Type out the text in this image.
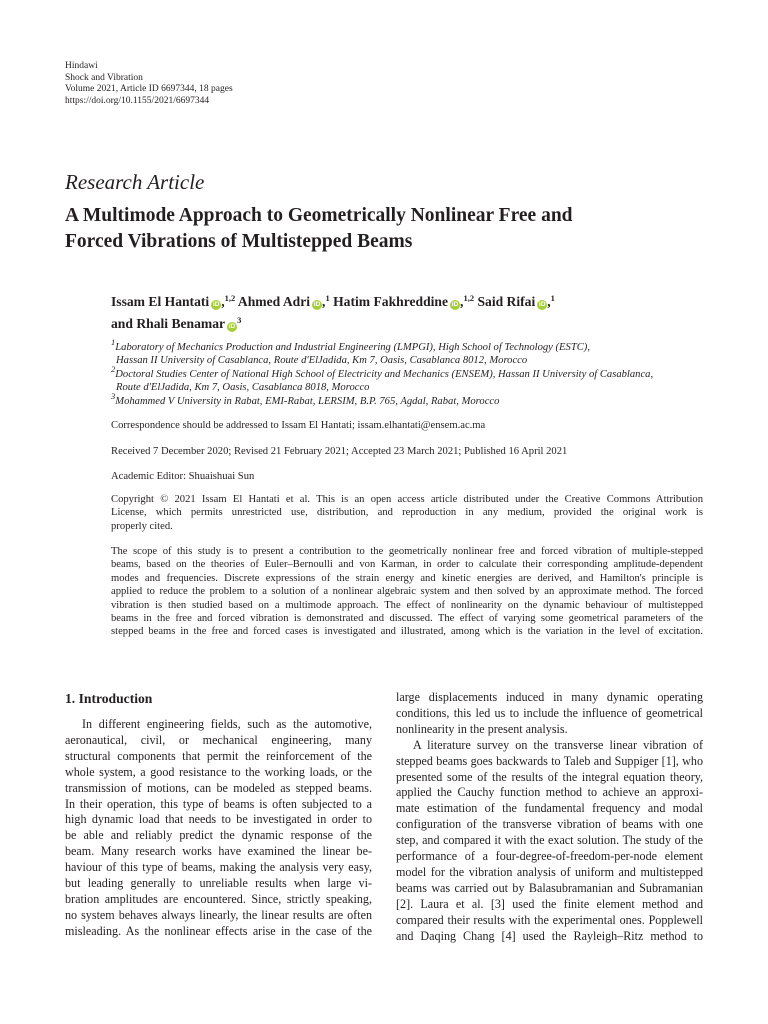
Hindawi
Shock and Vibration
Volume 2021, Article ID 6697344, 18 pages
https://doi.org/10.1155/2021/6697344
Research Article
A Multimode Approach to Geometrically Nonlinear Free and
Forced Vibrations of Multistepped Beams
Issam El Hantati iD ,$^{1,2}$ Ahmed Adri iD ,$^1$ Hatim Fakhreddine iD ,$^{1,2}$ Said Rifai iD ,$^1$
and Rhali Benamar $iD^3$
$^1$Laboratory of Mechanics Production and Industrial Engineering (LMPGI), High School of Technology (ESTC),
Hassan II University of Casablanca, Route d'ElJadida, Km 7, Oasis, Casablanca 8012, Morocco
$^2$Doctoral Studies Center of National High School of Electricity and Mechanics (ENSEM), Hassan II University of Casablanca,
Route d'ElJadida, Km 7, Oasis, Casablanca 8018, Morocco
$^3$Mohammed V University in Rabat, EMI-Rabat, LERSIM, B.P. 765, Agdal, Rabat, Morocco
Correspondence should be addressed to Issam El Hantati; issam.elhantati@ensem.ac.ma
Received 7 December 2020; Revised 21 February 2021; Accepted 23 March 2021; Published 16 April 2021
Academic Editor: Shuaishuai Sun
Copyright © 2021 Issam El Hantati et al. This is an open access article distributed under the Creative Commons Attribution
License, which permits unrestricted use, distribution, and reproduction in any medium, provided the original work is
properly cited.
The scope of this study is to present a contribution to the geometrically nonlinear free and forced vibration of multiple-stepped
beams, based on the theories of Euler–Bernoulli and von Karman, in order to calculate their corresponding amplitude-dependent
modes and frequencies. Discrete expressions of the strain energy and kinetic energies are derived, and Hamilton's principle is
applied to reduce the problem to a solution of a nonlinear algebraic system and then solved by an approximate method. The forced
vibration is then studied based on a multimode approach. The effect of nonlinearity on the dynamic behaviour of multistepped
beams in the free and forced vibration is demonstrated and discussed. The effect of varying some geometrical parameters of the
stepped beams in the free and forced cases is investigated and illustrated, among which is the variation in the level of excitation.
1. Introduction
In different engineering fields, such as the automotive,
aeronautical, civil, or mechanical engineering, many
structural components that permit the reinforcement of the
whole system, a good resistance to the working loads, or the
transmission of motions, can be modeled as stepped beams.
In their operation, this type of beams is often subjected to a
high dynamic load that needs to be investigated in order to
be able and reliably predict the dynamic response of the
beam. Many research works have examined the linear be-
haviour of this type of beams, making the analysis very easy,
but leading generally to unreliable results when large vi-
bration amplitudes are encountered. Since, strictly speaking,
no system behaves always linearly, the linear results are often
misleading. As the nonlinear effects arise in the case of the
large displacements induced in many dynamic operating
conditions, this led us to include the influence of geometrical
nonlinearity in the present analysis.
A literature survey on the transverse linear vibration of
stepped beams goes backwards to Taleb and Suppiger [1], who
presented some of the results of the integral equation theory,
applied the Cauchy function method to achieve an approxi-
mate estimation of the fundamental frequency and modal
configuration of the transverse vibration of beams with one
step, and compared it with the exact solution. The study of the
performance of a four-degree-of-freedom-per-node element
model for the vibration analysis of uniform and multistepped
beams was carried out by Balasubramanian and Subramanian
[2]. Laura et al. [3] used the finite element method and
compared their results with the experimental ones. Popplewell
and Daqing Chang [4] used the Rayleigh–Ritz method to
